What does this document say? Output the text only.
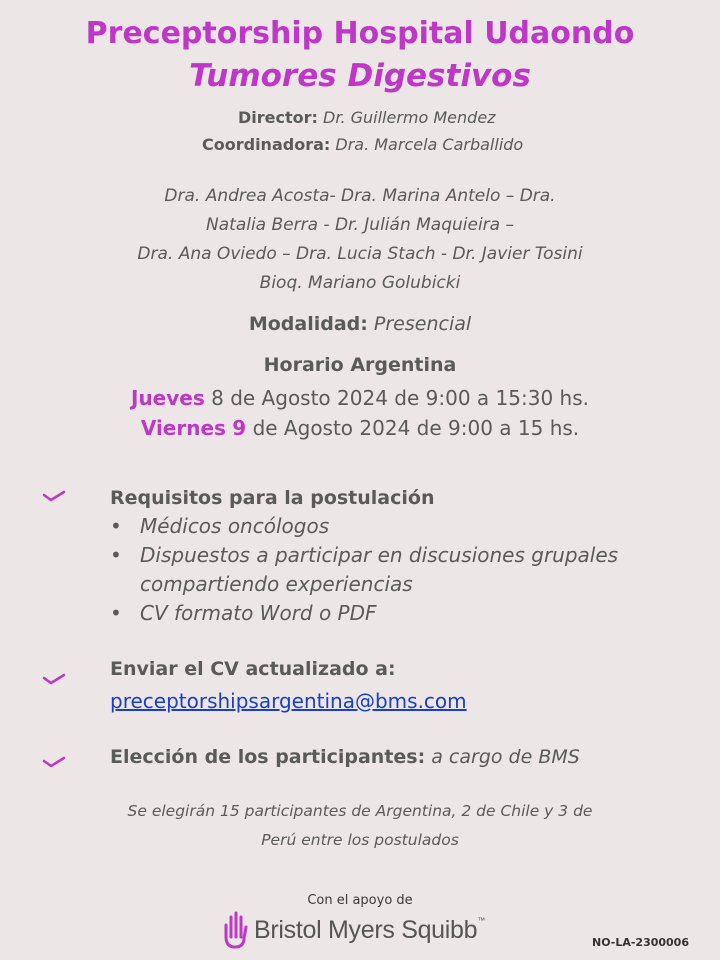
Preceptorship Hospital Udaondo
Tumores Digestivos
Director: Dr. Guillermo Mendez
Coordinadora: Dra. Marcela Carballido
Dra. Andrea Acosta- Dra. Marina Antelo – Dra.
Natalia Berra - Dr. Julián Maquieira –
Dra. Ana Oviedo – Dra. Lucia Stach - Dr. Javier Tosini
Bioq. Mariano Golubicki
Modalidad: Presencial
Horario Argentina
Jueves 8 de Agosto 2024 de 9:00 a 15:30 hs.
Viernes 9 de Agosto 2024 de 9:00 a 15 hs.
Requisitos para la postulación
• Médicos oncólogos
• Dispuestos a participar en discusiones grupales compartiendo experiencias
• CV formato Word o PDF
Enviar el CV actualizado a:
preceptorshipsargentina@bms.com
Elección de los participantes: a cargo de BMS
Se elegirán 15 participantes de Argentina, 2 de Chile y 3 de
Perú entre los postulados
Con el apoyo de
Bristol Myers Squibb™
NO-LA-2300006
